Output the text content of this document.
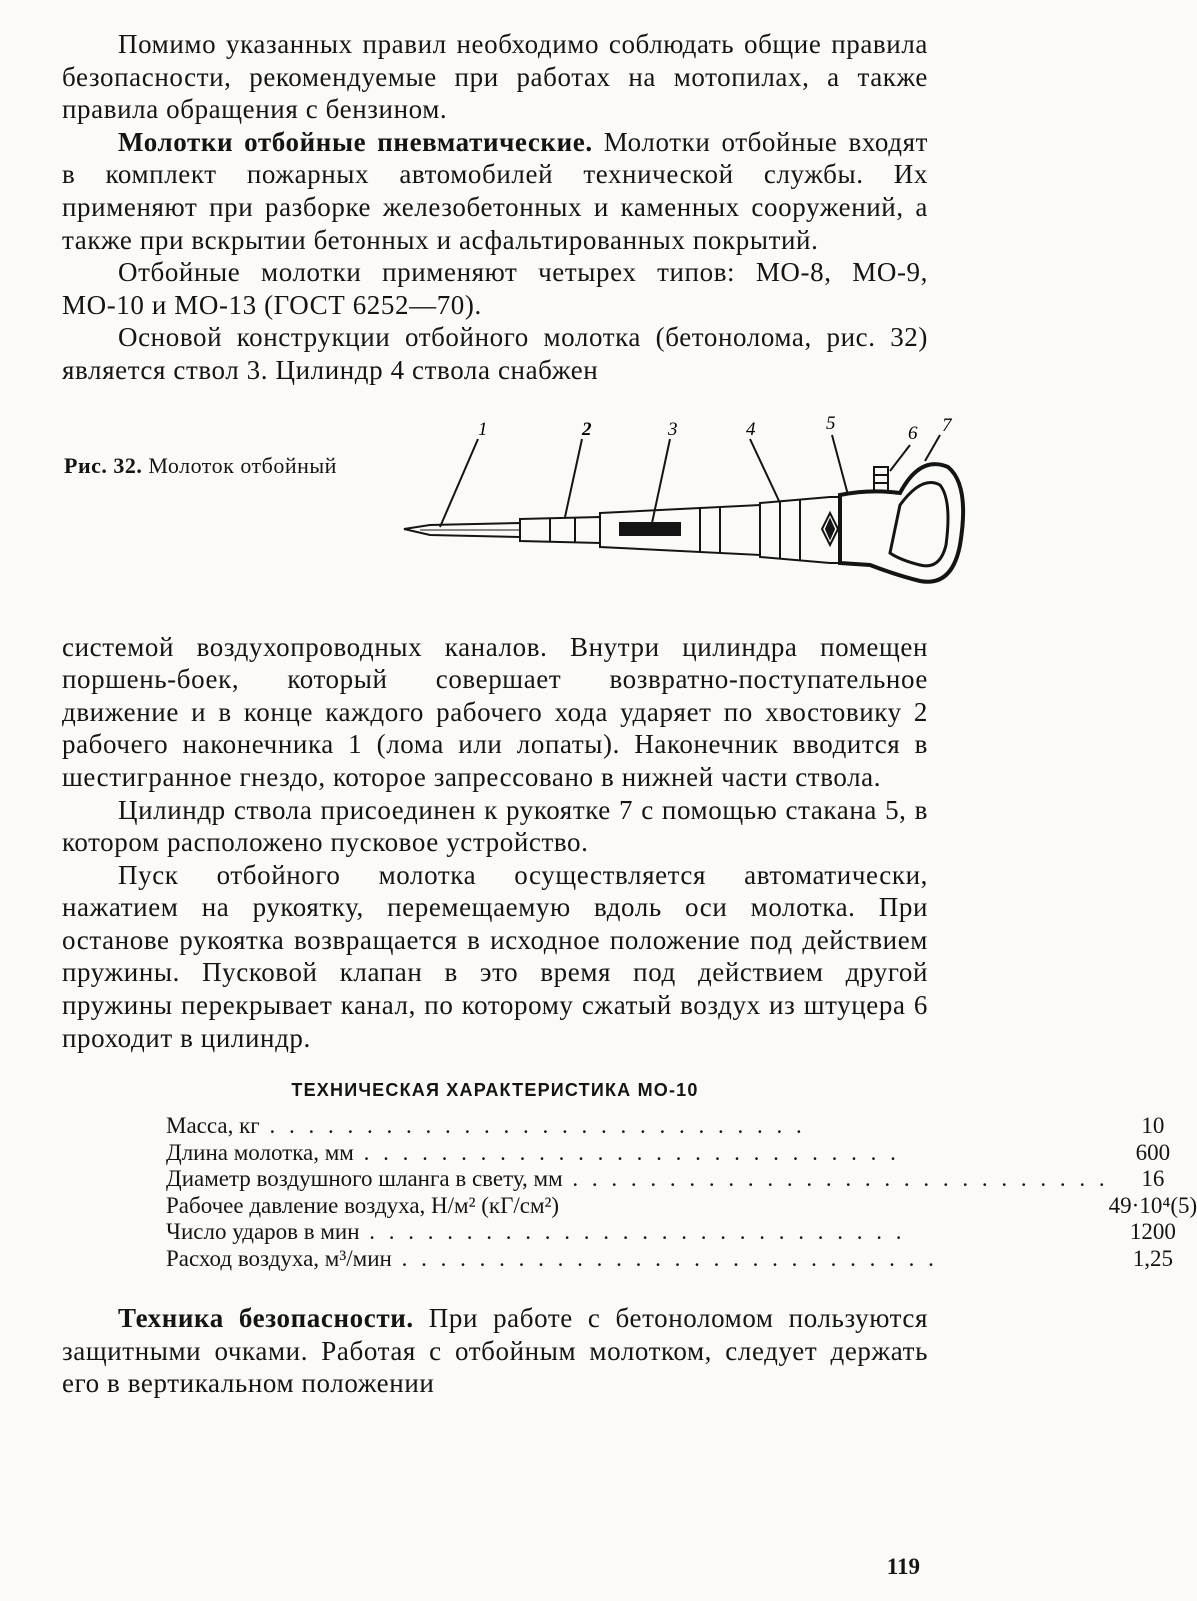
Помимо указанных правил необходимо соблюдать общие правила безопасности, рекомендуемые при работах на мотопилах, а также правила обращения с бензином.

Молотки отбойные пневматические. Молотки отбойные входят в комплект пожарных автомобилей технической службы. Их применяют при разборке железобетонных и каменных сооружений, а также при вскрытии бетонных и асфальтированных покрытий.

Отбойные молотки применяют четырех типов: МО-8, МО-9, МО-10 и МО-13 (ГОСТ 6252—70).

Основой конструкции отбойного молотка (бетонолома, рис. 32) является ствол 3. Цилиндр 4 ствола снабжен

Рис. 32. Молоток отбойный
1	2	3	4	5	6 7

системой воздухопроводных каналов. Внутри цилиндра помещен поршень-боек, который совершает возвратно-поступательное движение и в конце каждого рабочего хода ударяет по хвостовику 2 рабочего наконечника 1 (лома или лопаты). Наконечник вводится в шестигранное гнездо, которое запрессовано в нижней части ствола.

Цилиндр ствола присоединен к рукоятке 7 с помощью стакана 5, в котором расположено пусковое устройство.

Пуск отбойного молотка осуществляется автоматически, нажатием на рукоятку, перемещаемую вдоль оси молотка. При останове рукоятка возвращается в исходное положение под действием пружины. Пусковой клапан в это время под действием другой пружины перекрывает канал, по которому сжатый воздух из штуцера 6 проходит в цилиндр.

ТЕХНИЧЕСКАЯ ХАРАКТЕРИСТИКА МО-10
Масса, кг . . .	10
Длина молотка, мм . . .	600
Диаметр воздушного шланга в свету, мм . . .	16
Рабочее давление воздуха, Н/м² (кГ/см²)	49·10⁴(5)
Число ударов в мин . . .	1200
Расход воздуха, м³/мин . . .	1,25

Техника безопасности. При работе с бетоноломом пользуются защитными очками. Работая с отбойным молотком, следует держать его в вертикальном положении

119
